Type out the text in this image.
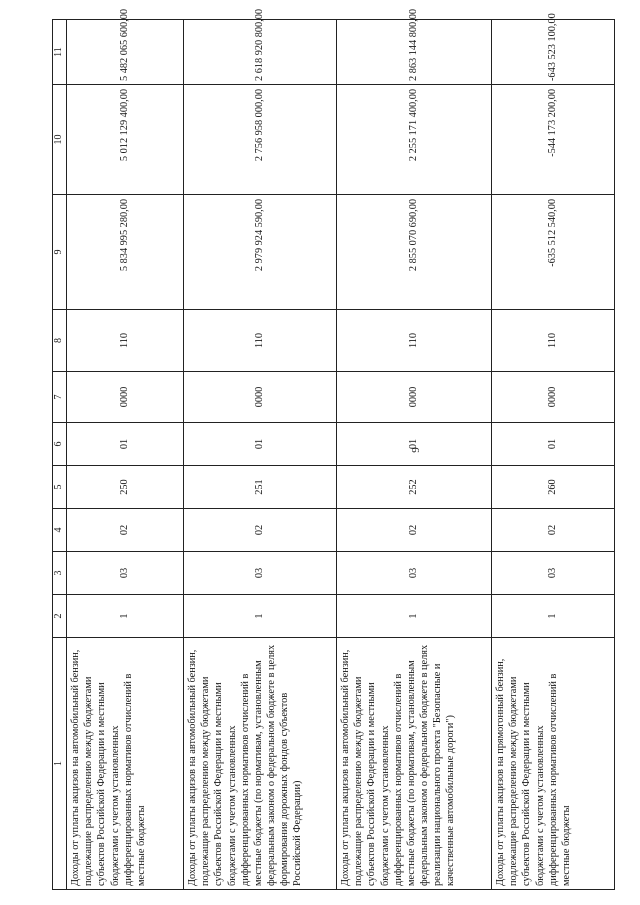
9
1	2	3	4	5	6	7	8	9	10	11
Доходы от уплаты акцизов на автомобильный бензин, подлежащие распределению между бюджетами субъектов Российской Федерации и местными бюджетами с учетом установленных дифференцированных нормативов отчислений в местные бюджеты	1	03	02	250	01	0000	110	5 834 995 280,00	5 012 129 400,00	5 482 065 600,00
Доходы от уплаты акцизов на автомобильный бензин, подлежащие распределению между бюджетами субъектов Российской Федерации и местными бюджетами с учетом установленных дифференцированных нормативов отчислений в местные бюджеты (по нормативам, установленным федеральным законом о федеральном бюджете в целях формирования дорожных фондов субъектов Российской Федерации)	1	03	02	251	01	0000	110	2 979 924 590,00	2 756 958 000,00	2 618 920 800,00
Доходы от уплаты акцизов на автомобильный бензин, подлежащие распределению между бюджетами субъектов Российской Федерации и местными бюджетами с учетом установленных дифференцированных нормативов отчислений в местные бюджеты (по нормативам, установленным федеральным законом о федеральном бюджете в целях реализации национального проекта "Безопасные и качественные автомобильные дороги")	1	03	02	252	01	0000	110	2 855 070 690,00	2 255 171 400,00	2 863 144 800,00
Доходы от уплаты акцизов на прямогонный бензин, подлежащие распределению между бюджетами субъектов Российской Федерации и местными бюджетами с учетом установленных дифференцированных нормативов отчислений в местные бюджеты	1	03	02	260	01	0000	110	-635 512 540,00	-544 173 200,00	-643 523 100,00
